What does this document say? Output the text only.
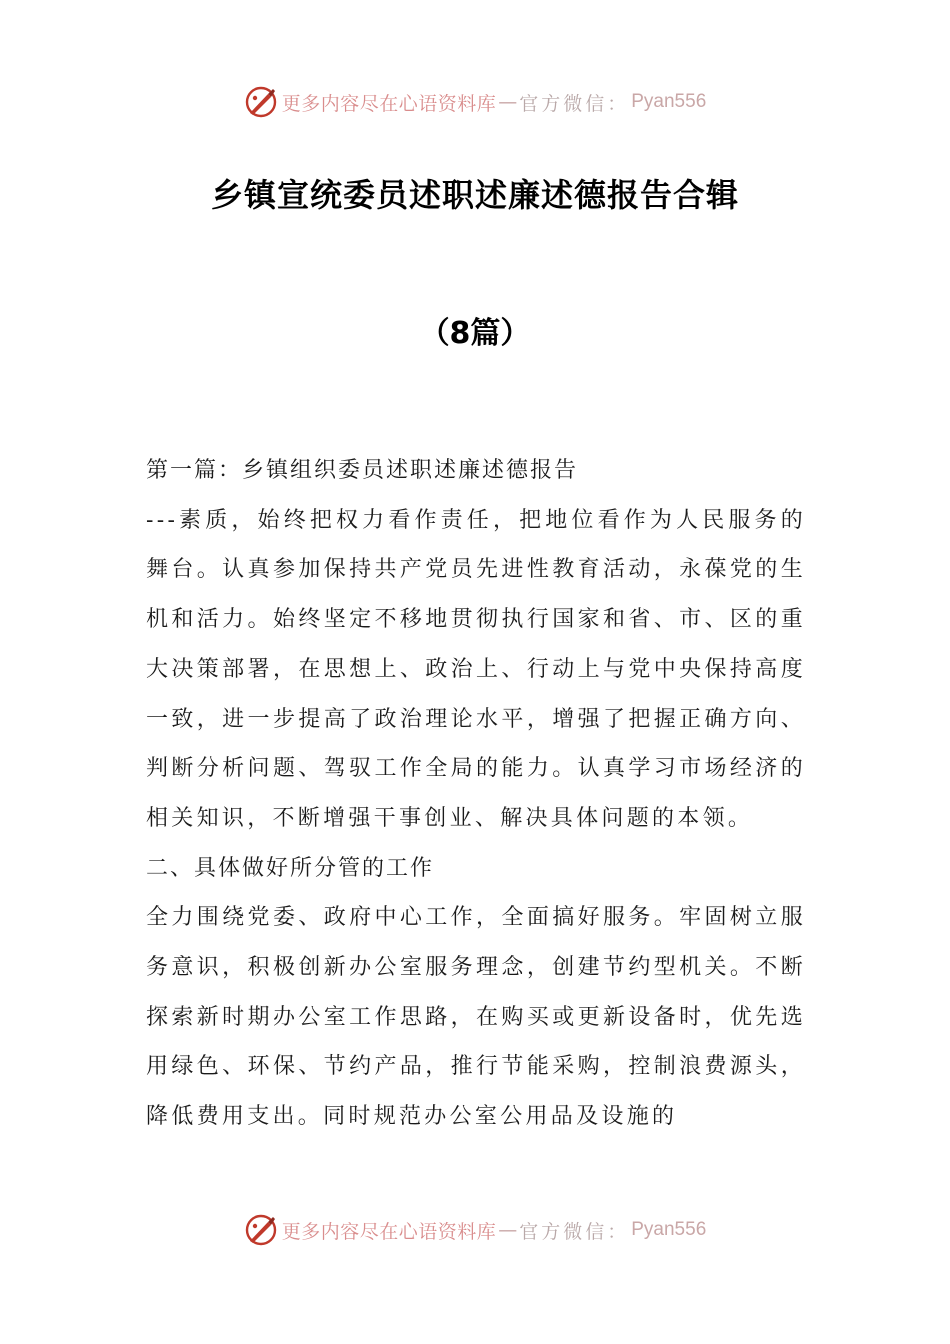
更多内容尽在心语资料库 — 官方微信： Pyan556
乡镇宣统委员述职述廉述德报告合辑
（8篇）

第一篇：乡镇组织委员述职述廉述德报告

---素质，始终把权力看作责任，把地位看作为人民服务的舞台。认真参加保持共产党员先进性教育活动，永葆党的生机和活力。始终坚定不移地贯彻执行国家和省、市、区的重大决策部署，在思想上、政治上、行动上与党中央保持高度一致，进一步提高了政治理论水平，增强了把握正确方向、判断分析问题、驾驭工作全局的能力。认真学习市场经济的相关知识，不断增强干事创业、解决具体问题的本领。

二、具体做好所分管的工作

全力围绕党委、政府中心工作，全面搞好服务。牢固树立服务意识，积极创新办公室服务理念，创建节约型机关。不断探索新时期办公室工作思路，在购买或更新设备时，优先选用绿色、环保、节约产品，推行节能采购，控制浪费源头，降低费用支出。同时规范办公室公用品及设施的

更多内容尽在心语资料库 — 官方微信： Pyan556
